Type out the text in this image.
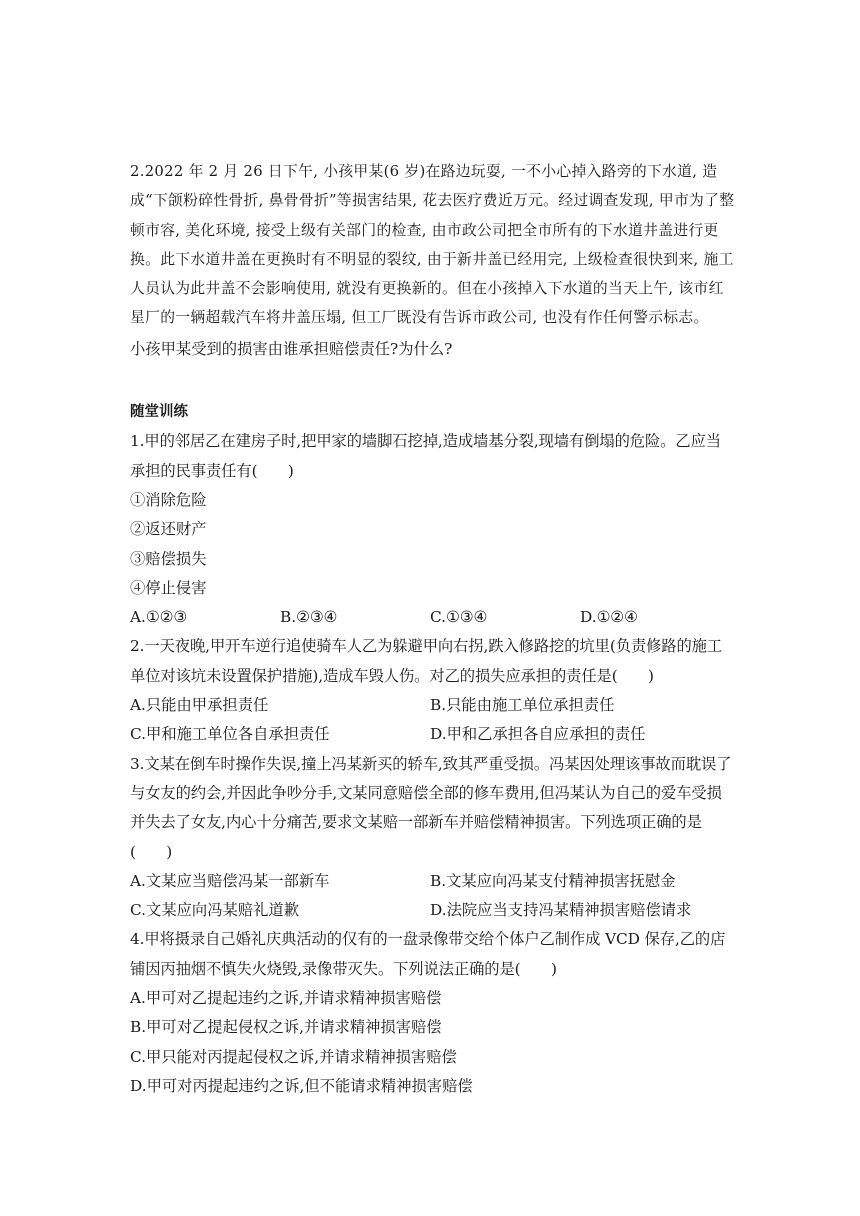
2.2022 年 2 月 26 日下午, 小孩甲某(6 岁)在路边玩耍, 一不小心掉入路旁的下水道, 造成“下颌粉碎性骨折, 鼻骨骨折”等损害结果, 花去医疗费近万元。经过调查发现, 甲市为了整顿市容, 美化环境, 接受上级有关部门的检查, 由市政公司把全市所有的下水道井盖进行更换。此下水道井盖在更换时有不明显的裂纹, 由于新井盖已经用完, 上级检查很快到来, 施工人员认为此井盖不会影响使用, 就没有更换新的。但在小孩掉入下水道的当天上午, 该市红星厂的一辆超载汽车将井盖压塌, 但工厂既没有告诉市政公司, 也没有作任何警示标志。

小孩甲某受到的损害由谁承担赔偿责任?为什么?

随堂训练

1.甲的邻居乙在建房子时,把甲家的墙脚石挖掉,造成墙基分裂,现墙有倒塌的危险。乙应当承担的民事责任有(　　)

①消除危险

②返还财产

③赔偿损失

④停止侵害

A.①②③	B.②③④	C.①③④	D.①②④

2.一天夜晚,甲开车逆行追使骑车人乙为躲避甲向右拐,跌入修路挖的坑里(负责修路的施工单位对该坑未设置保护措施),造成车毁人伤。对乙的损失应承担的责任是(　　)

A.只能由甲承担责任	B.只能由施工单位承担责任
C.甲和施工单位各自承担责任	D.甲和乙承担各自应承担的责任

3.文某在倒车时操作失误,撞上冯某新买的轿车,致其严重受损。冯某因处理该事故而耽误了与女友的约会,并因此争吵分手,文某同意赔偿全部的修车费用,但冯某认为自己的爱车受损并失去了女友,内心十分痛苦,要求文某赔一部新车并赔偿精神损害。下列选项正确的是(　　)

A.文某应当赔偿冯某一部新车	B.文某应向冯某支付精神损害抚慰金
C.文某应向冯某赔礼道歉	D.法院应当支持冯某精神损害赔偿请求

4.甲将摄录自己婚礼庆典活动的仅有的一盘录像带交给个体户乙制作成 VCD 保存,乙的店铺因丙抽烟不慎失火烧毁,录像带灭失。下列说法正确的是(　　)

A.甲可对乙提起违约之诉,并请求精神损害赔偿

B.甲可对乙提起侵权之诉,并请求精神损害赔偿

C.甲只能对丙提起侵权之诉,并请求精神损害赔偿

D.甲可对丙提起违约之诉,但不能请求精神损害赔偿
